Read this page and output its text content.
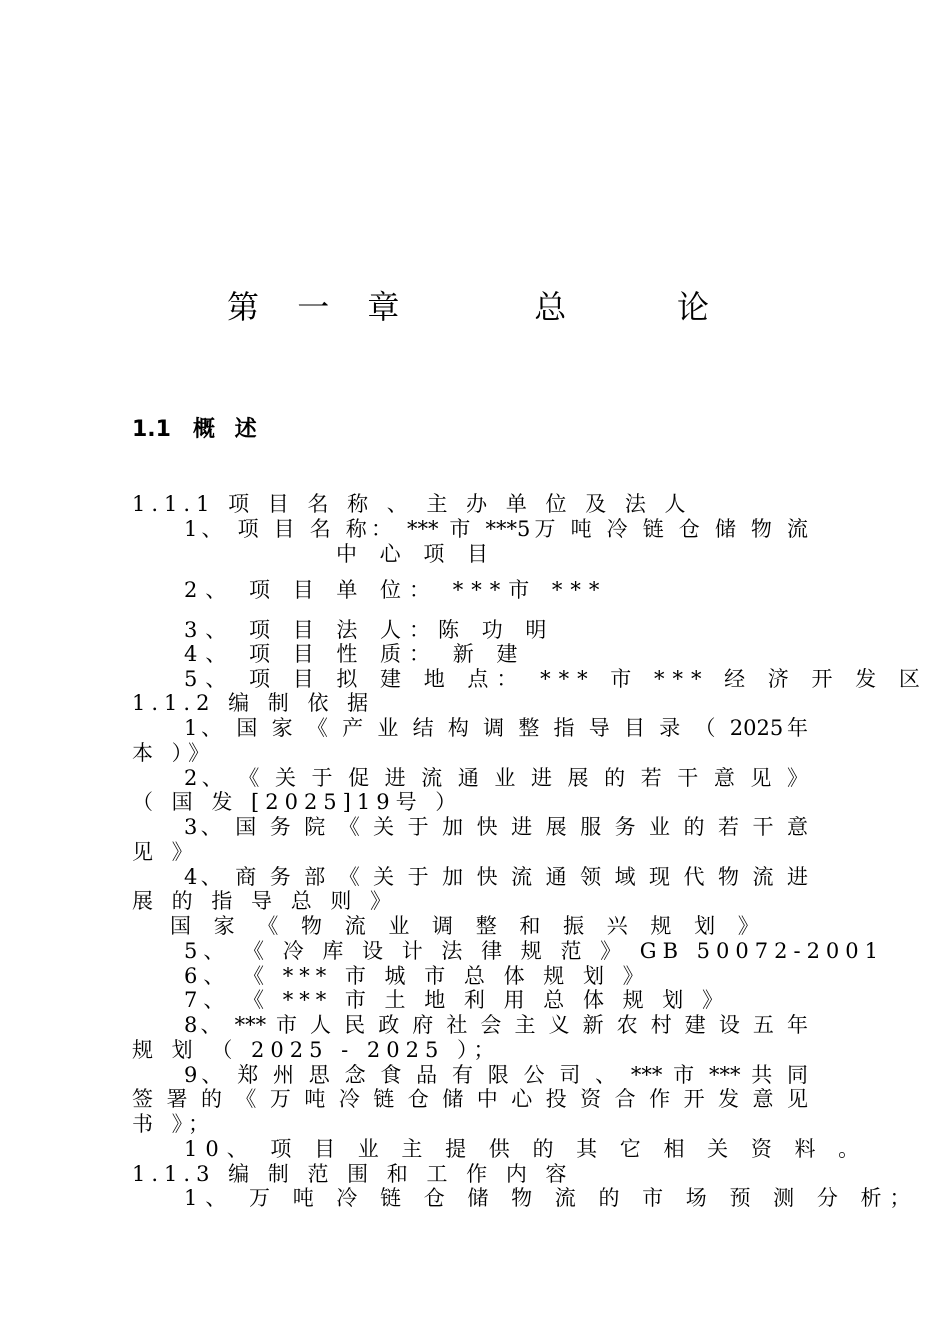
第 一 章     总    论
1.1 概 述
1.1.1 项 目 名 称 、 主 办 单 位 及 法 人
1、 项 目 名 称： *** 市 ***5万 吨 冷 链 仓 储 物 流
中 心 项 目
2、 项 目 单 位： ***市 ***
3、 项 目 法 人：陈 功 明
4、 项 目 性 质： 新 建
5、 项 目 拟 建 地 点： *** 市 *** 经 济 开 发 区
1.1.2 编 制 依 据
1、 国 家 《 产 业 结 构 调 整 指 导 目 录 （ 2025年
本 ）》
2、 《 关 于 促 进 流 通 业 进 展 的 若 干 意 见 》
（ 国 发 [2025]19号 ）
3、 国 务 院 《 关 于 加 快 进 展 服 务 业 的 若 干 意
见 》
4、 商 务 部 《 关 于 加 快 流 通 领 域 现 代 物 流 进
展 的 指 导 总 则 》
国 家 《 物 流 业 调 整 和 振 兴 规 划 》
5、 《 冷 库 设 计 法 律 规 范 》 GB 50072-2001
6、 《 *** 市 城 市 总 体 规 划 》
7、 《 *** 市 土 地 利 用 总 体 规 划 》
8、 *** 市 人 民 政 府 社 会 主 义 新 农 村 建 设 五 年
规 划 （ 2025 - 2025 ）；
9、 郑 州 思 念 食 品 有 限 公 司 、 *** 市 *** 共 同
签 署 的 《 万 吨 冷 链 仓 储 中 心 投 资 合 作 开 发 意 见
书 》；
10、 项 目 业 主 提 供 的 其 它 相 关 资 料 。
1.1.3 编 制 范 围 和 工 作 内 容
1、 万 吨 冷 链 仓 储 物 流 的 市 场 预 测 分 析；
